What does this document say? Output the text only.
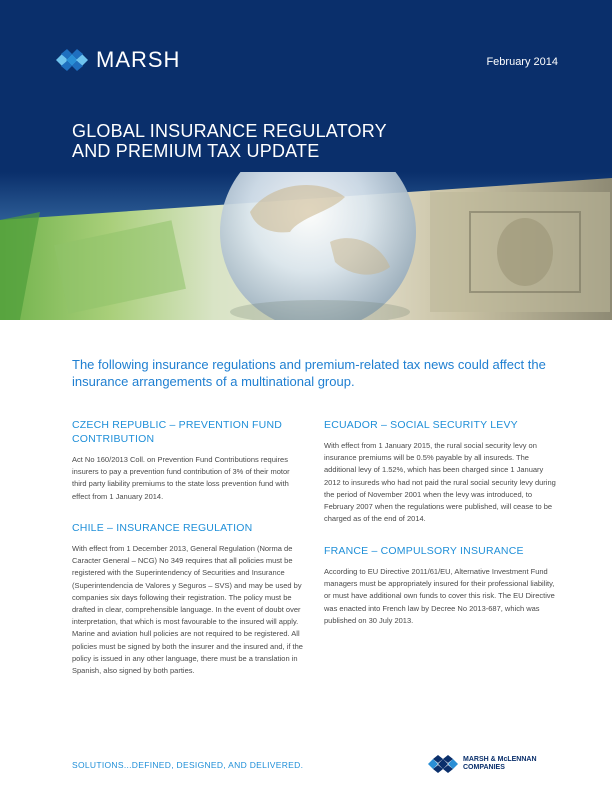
MARSH	February 2014
GLOBAL INSURANCE REGULATORY
AND PREMIUM TAX UPDATE
The following insurance regulations and premium-related tax news could affect the insurance arrangements of a multinational group.

CZECH REPUBLIC – PREVENTION FUND CONTRIBUTION

Act No 160/2013 Coll. on Prevention Fund Contributions requires insurers to pay a prevention fund contribution of 3% of their motor third party liability premiums to the state loss prevention fund with effect from 1 January 2014.

CHILE – INSURANCE REGULATION

With effect from 1 December 2013, General Regulation (Norma de Caracter General – NCG) No 349 requires that all policies must be registered with the Superintendency of Securities and Insurance (Superintendencia de Valores y Seguros – SVS) and may be used by companies six days following their registration. The policy must be drafted in clear, comprehensible language. In the event of doubt over interpretation, that which is most favourable to the insured will apply. Marine and aviation hull policies are not required to be registered. All policies must be signed by both the insurer and the insured and, if the policy is issued in any other language, there must be a translation in Spanish, also signed by both parties.

ECUADOR – SOCIAL SECURITY LEVY

With effect from 1 January 2015, the rural social security levy on insurance premiums will be 0.5% payable by all insureds. The additional levy of 1.52%, which has been charged since 1 January 2012 to insureds who had not paid the rural social security levy during the period of November 2001 when the levy was introduced, to February 2007 when the regulations were published, will cease to be charged as of the end of 2014.

FRANCE – COMPULSORY INSURANCE

According to EU Directive 2011/61/EU, Alternative Investment Fund managers must be appropriately insured for their professional liability, or must have additional own funds to cover this risk. The EU Directive was enacted into French law by Decree No 2013-687, which was published on 30 July 2013.

SOLUTIONS...DEFINED, DESIGNED, AND DELIVERED.
MARSH & McLENNAN
COMPANIES
